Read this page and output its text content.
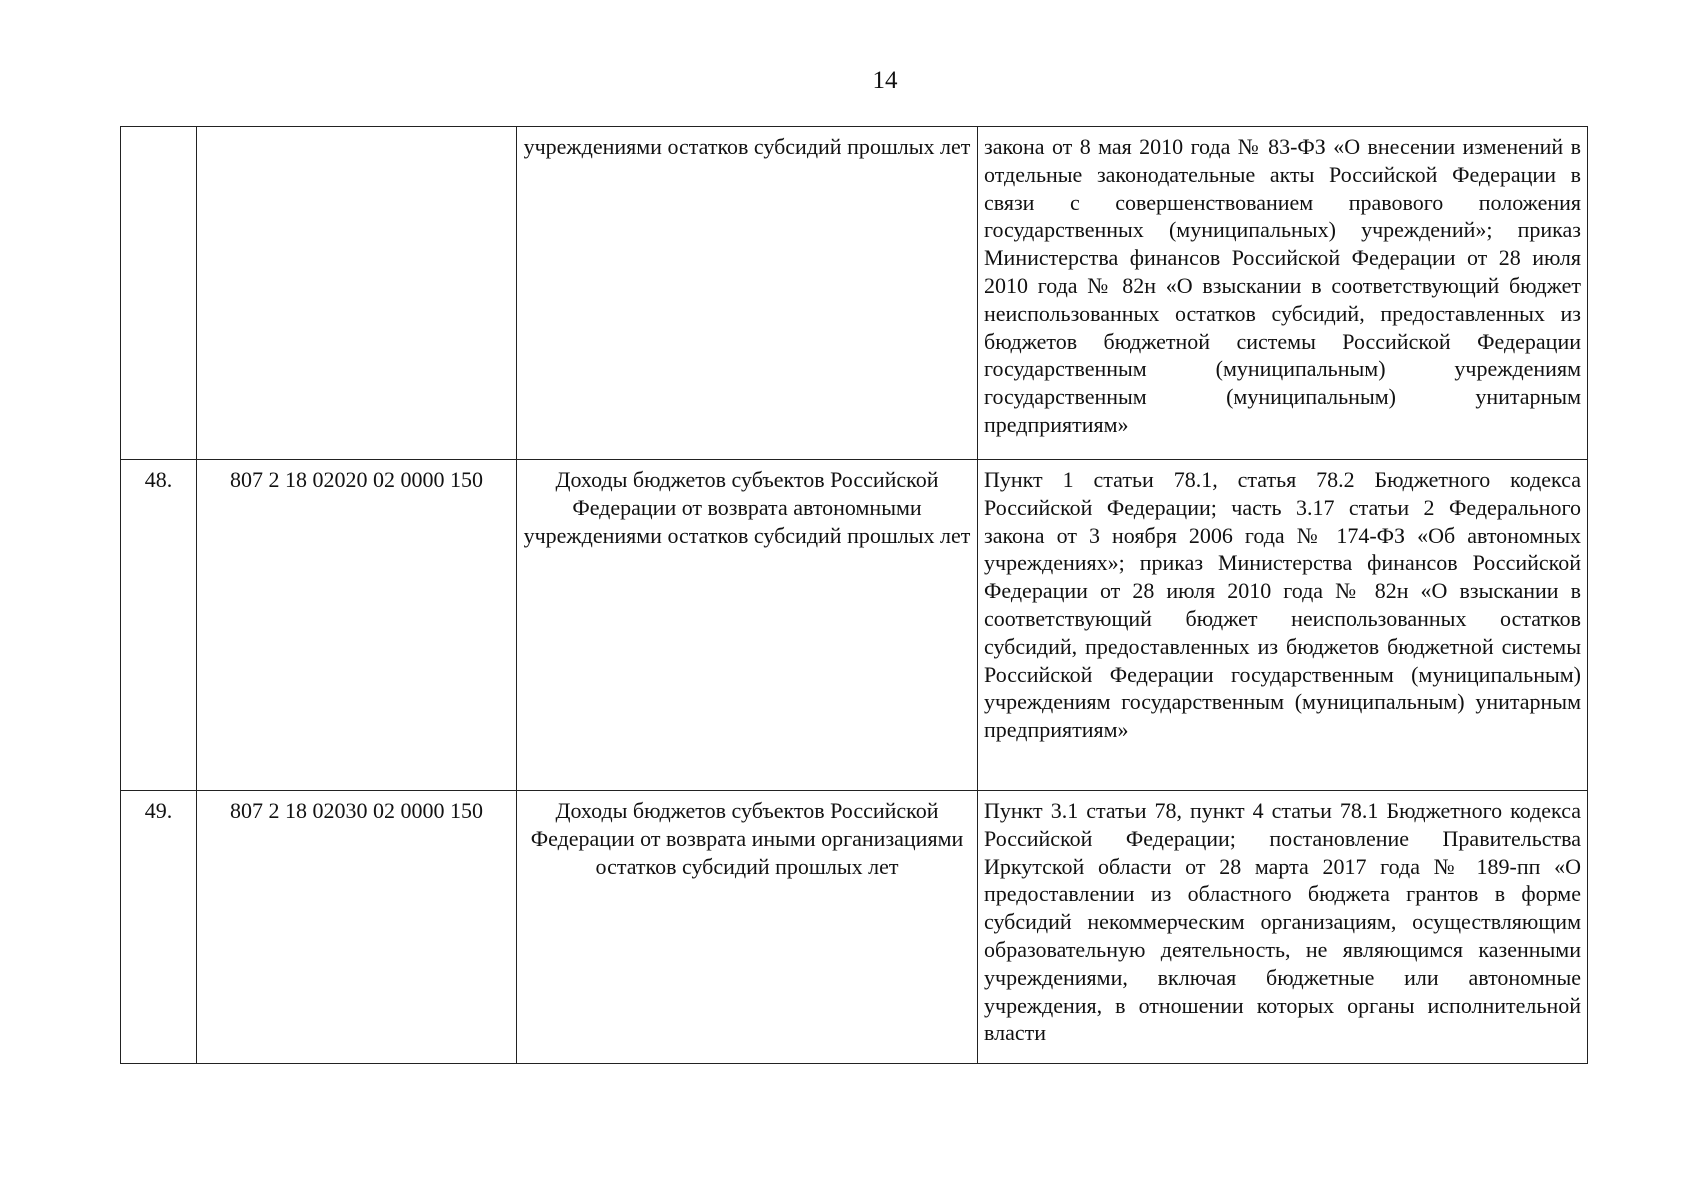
14
		учреждениями остатков субсидий прошлых лет	закона от 8 мая 2010 года № 83-ФЗ «О внесении изменений в отдельные законодательные акты Российской Федерации в связи с совершенствованием правового положения государственных (муниципальных) учреждений»; приказ Министерства финансов Российской Федерации от 28 июля 2010 года № 82н «О взыскании в соответствующий бюджет неиспользованных остатков субсидий, предоставленных из бюджетов бюджетной системы Российской Федерации государственным (муниципальным) учреждениям государственным (муниципальным) унитарным
предприятиям»

48.	807 2 18 02020 02 0000 150	Доходы бюджетов субъектов Российской Федерации от возврата автономными учреждениями остатков субсидий прошлых лет	Пункт 1 статьи 78.1, статья 78.2 Бюджетного кодекса Российской Федерации; часть 3.17 статьи 2 Федерального закона от 3 ноября 2006 года № 174-ФЗ «Об автономных учреждениях»; приказ Министерства финансов Российской Федерации от 28 июля 2010 года № 82н «О взыскании в соответствующий бюджет неиспользованных остатков субсидий, предоставленных из бюджетов бюджетной системы Российской Федерации государственным (муниципальным) учреждениям государственным (муниципальным) унитарным
предприятиям»

49.	807 2 18 02030 02 0000 150	Доходы бюджетов субъектов Российской Федерации от возврата иными организациями остатков субсидий прошлых лет	Пункт 3.1 статьи 78, пункт 4 статьи 78.1 Бюджетного кодекса Российской Федерации; постановление Правительства Иркутской области от 28 марта 2017 года № 189-пп «О предоставлении из областного бюджета грантов в форме субсидий некоммерческим организациям, осуществляющим образовательную деятельность, не являющимся казенными учреждениями, включая бюджетные или автономные учреждения, в отношении которых органы исполнительной власти
